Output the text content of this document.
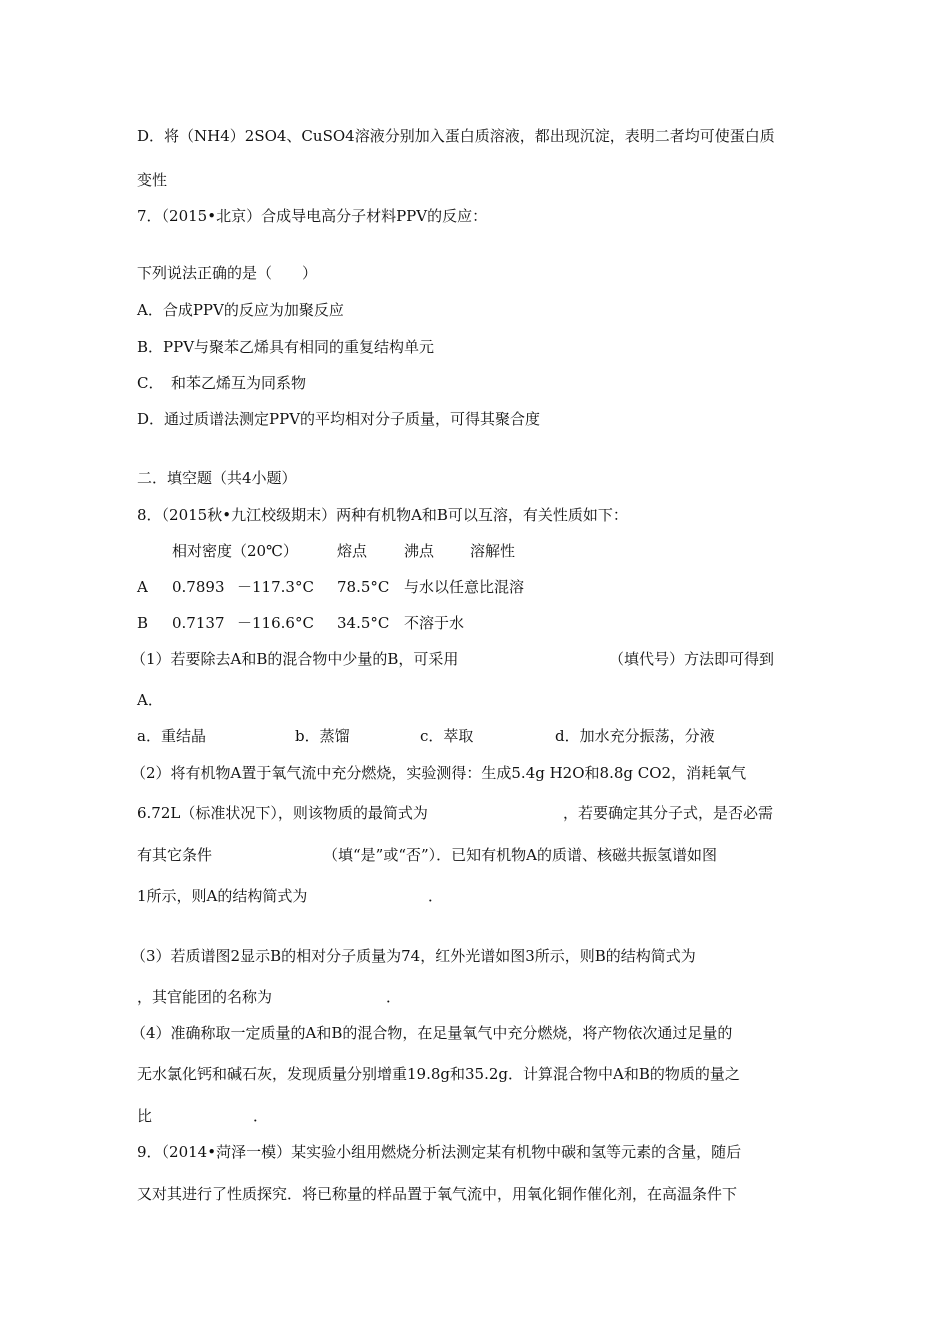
D．将（NH4）2SO4、CuSO4溶液分别加入蛋白质溶液，都出现沉淀，表明二者均可使蛋白质
变性
7．（2015•北京）合成导电高分子材料PPV的反应：
下列说法正确的是（　　）
A．合成PPV的反应为加聚反应
B．PPV与聚苯乙烯具有相同的重复结构单元
C．　和苯乙烯互为同系物
D．通过质谱法测定PPV的平均相对分子质量，可得其聚合度
二．填空题（共4小题）
8．（2015秋•九江校级期末）两种有机物A和B可以互溶，有关性质如下：
相对密度（20℃）	熔点 沸点 溶解性
A 0.7893 －117.3°C 78.5°C 与水以任意比混溶
B 0.7137 －116.6°C 34.5°C 不溶于水
（1）若要除去A和B的混合物中少量的B，可采用	（填代号）方法即可得到
A．
a．重结晶	b．蒸馏	c．萃取	d．加水充分振荡，分液
（2）将有机物A置于氧气流中充分燃烧，实验测得：生成5.4g H2O和8.8g CO2，消耗氧气
6.72L（标准状况下），则该物质的最简式为	，若要确定其分子式，是否必需
有其它条件	（填“是”或“否”）．已知有机物A的质谱、核磁共振氢谱如图
1所示，则A的结构简式为	．
（3）若质谱图2显示B的相对分子质量为74，红外光谱如图3所示，则B的结构简式为
，其官能团的名称为	．
（4）准确称取一定质量的A和B的混合物，在足量氧气中充分燃烧，将产物依次通过足量的
无水氯化钙和碱石灰，发现质量分别增重19.8g和35.2g．计算混合物中A和B的物质的量之
比	．
9．（2014•菏泽一模）某实验小组用燃烧分析法测定某有机物中碳和氢等元素的含量，随后
又对其进行了性质探究．将已称量的样品置于氧气流中，用氧化铜作催化剂，在高温条件下
